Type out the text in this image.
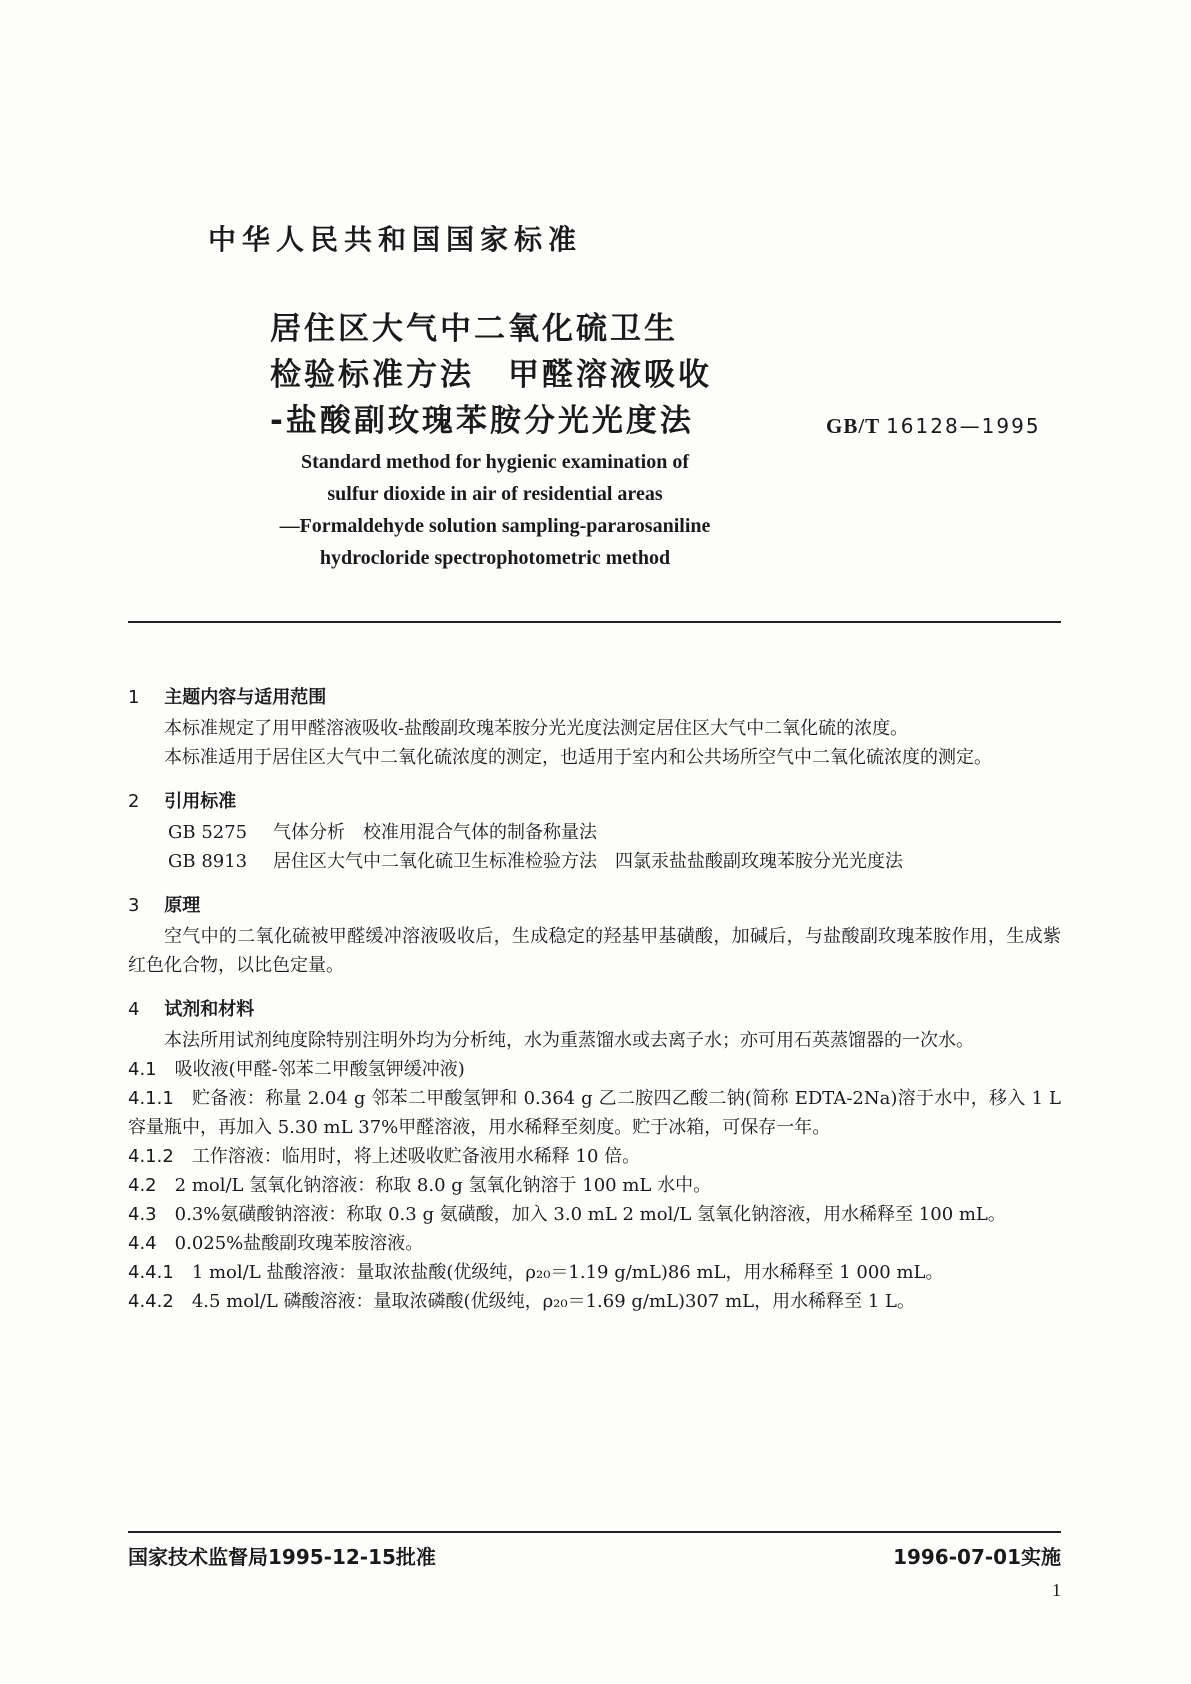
中华人民共和国国家标准
居住区大气中二氧化硫卫生
检验标准方法　甲醛溶液吸收
-盐酸副玫瑰苯胺分光光度法	GB/T 16128—1995
Standard method for hygienic examination of
sulfur dioxide in air of residential areas
—Formaldehyde solution sampling-pararosaniline
hydrocloride spectrophotometric method
1 主题内容与适用范围

本标准规定了用甲醛溶液吸收-盐酸副玫瑰苯胺分光光度法测定居住区大气中二氧化硫的浓度。

本标准适用于居住区大气中二氧化硫浓度的测定，也适用于室内和公共场所空气中二氧化硫浓度的测定。

2 引用标准

GB 5275 气体分析　校准用混合气体的制备称量法

GB 8913 居住区大气中二氧化硫卫生标准检验方法　四氯汞盐盐酸副玫瑰苯胺分光光度法

3 原理

空气中的二氧化硫被甲醛缓冲溶液吸收后，生成稳定的羟基甲基磺酸，加碱后，与盐酸副玫瑰苯胺作用，生成紫红色化合物，以比色定量。

4 试剂和材料

本法所用试剂纯度除特别注明外均为分析纯，水为重蒸馏水或去离子水；亦可用石英蒸馏器的一次水。

4.1 吸收液(甲醛-邻苯二甲酸氢钾缓冲液)

4.1.1 贮备液：称量 2.04 g 邻苯二甲酸氢钾和 0.364 g 乙二胺四乙酸二钠(简称 EDTA-2Na)溶于水中，移入 1 L 容量瓶中，再加入 5.30 mL 37%甲醛溶液，用水稀释至刻度。贮于冰箱，可保存一年。

4.1.2 工作溶液：临用时，将上述吸收贮备液用水稀释 10 倍。

4.2 2 mol/L 氢氧化钠溶液：称取 8.0 g 氢氧化钠溶于 100 mL 水中。

4.3 0.3%氨磺酸钠溶液：称取 0.3 g 氨磺酸，加入 3.0 mL 2 mol/L 氢氧化钠溶液，用水稀释至 100 mL。

4.4 0.025%盐酸副玫瑰苯胺溶液。

4.4.1 1 mol/L 盐酸溶液：量取浓盐酸(优级纯，ρ₂₀＝1.19 g/mL)86 mL，用水稀释至 1 000 mL。

4.4.2 4.5 mol/L 磷酸溶液：量取浓磷酸(优级纯，ρ₂₀＝1.69 g/mL)307 mL，用水稀释至 1 L。

国家技术监督局1995-12-15批准	1996-07-01实施
1
